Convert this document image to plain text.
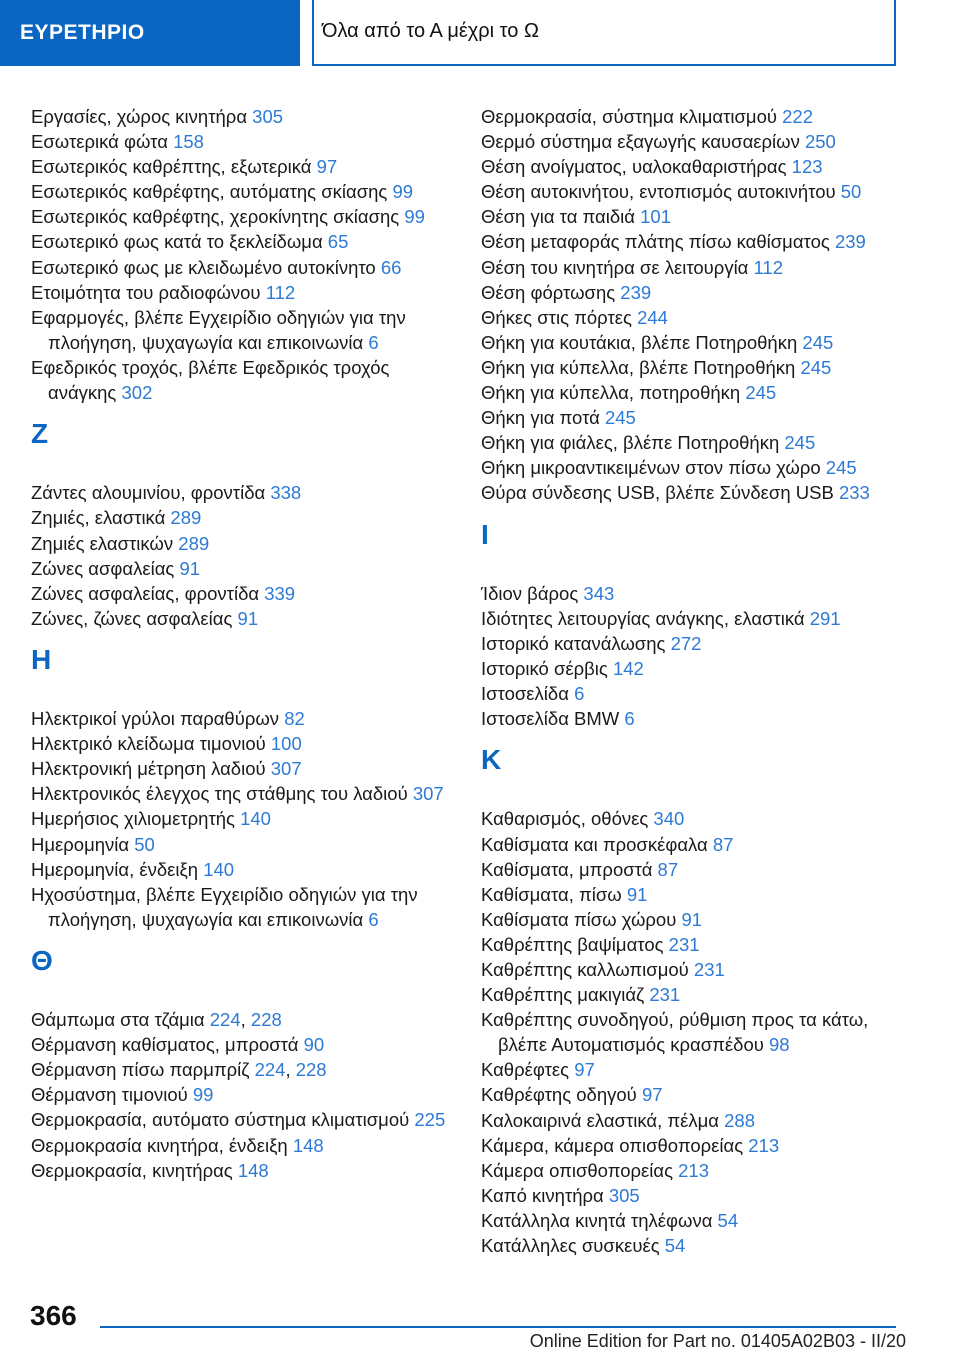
ΕΥΡΕΤΗΡΙΟ	Όλα από το Α μέχρι το Ω
Εργασίες, χώρος κινητήρα 305
Εσωτερικά φώτα 158
Εσωτερικός καθρέπτης, εξωτερικά 97
Εσωτερικός καθρέφτης, αυτόματης σκίασης 99
Εσωτερικός καθρέφτης, χεροκίνητης σκίασης 99
Εσωτερικό φως κατά το ξεκλείδωμα 65
Εσωτερικό φως με κλειδωμένο αυτοκίνητο 66
Ετοιμότητα του ραδιοφώνου 112
Εφαρμογές, βλέπε Εγχειρίδιο οδηγιών για την πλοήγηση, ψυχαγωγία και επικοινωνία 6
Εφεδρικός τροχός, βλέπε Εφεδρικός τροχός ανάγκης 302
Z
Ζάντες αλουμινίου, φροντίδα 338
Ζημιές, ελαστικά 289
Ζημιές ελαστικών 289
Ζώνες ασφαλείας 91
Ζώνες ασφαλείας, φροντίδα 339
Ζώνες, ζώνες ασφαλείας 91
H
Ηλεκτρικοί γρύλοι παραθύρων 82
Ηλεκτρικό κλείδωμα τιμονιού 100
Ηλεκτρονική μέτρηση λαδιού 307
Ηλεκτρονικός έλεγχος της στάθμης του λαδιού 307
Ημερήσιος χιλιομετρητής 140
Ημερομηνία 50
Ημερομηνία, ένδειξη 140
Ηχοσύστημα, βλέπε Εγχειρίδιο οδηγιών για την πλοήγηση, ψυχαγωγία και επικοινωνία 6
Θ
Θάμπωμα στα τζάμια 224, 228
Θέρμανση καθίσματος, μπροστά 90
Θέρμανση πίσω παρμπρίζ 224, 228
Θέρμανση τιμονιού 99
Θερμοκρασία, αυτόματο σύστημα κλιματισμού 225
Θερμοκρασία κινητήρα, ένδειξη 148
Θερμοκρασία, κινητήρας 148
Θερμοκρασία, σύστημα κλιματισμού 222
Θερμό σύστημα εξαγωγής καυσαερίων 250
Θέση ανοίγματος, υαλοκαθαριστήρας 123
Θέση αυτοκινήτου, εντοπισμός αυτοκινήτου 50
Θέση για τα παιδιά 101
Θέση μεταφοράς πλάτης πίσω καθίσματος 239
Θέση του κινητήρα σε λειτουργία 112
Θέση φόρτωσης 239
Θήκες στις πόρτες 244
Θήκη για κουτάκια, βλέπε Ποτηροθήκη 245
Θήκη για κύπελλα, βλέπε Ποτηροθήκη 245
Θήκη για κύπελλα, ποτηροθήκη 245
Θήκη για ποτά 245
Θήκη για φιάλες, βλέπε Ποτηροθήκη 245
Θήκη μικροαντικειμένων στον πίσω χώρο 245
Θύρα σύνδεσης USB, βλέπε Σύνδεση USB 233
I
Ίδιον βάρος 343
Ιδιότητες λειτουργίας ανάγκης, ελαστικά 291
Ιστορικό κατανάλωσης 272
Ιστορικό σέρβις 142
Ιστοσελίδα 6
Ιστοσελίδα BMW 6
K
Καθαρισμός, οθόνες 340
Καθίσματα και προσκέφαλα 87
Καθίσματα, μπροστά 87
Καθίσματα, πίσω 91
Καθίσματα πίσω χώρου 91
Καθρέπτης βαψίματος 231
Καθρέπτης καλλωπισμού 231
Καθρέπτης μακιγιάζ 231
Καθρέπτης συνοδηγού, ρύθμιση προς τα κάτω, βλέπε Αυτοματισμός κρασπέδου 98
Καθρέφτες 97
Καθρέφτης οδηγού 97
Καλοκαιρινά ελαστικά, πέλμα 288
Κάμερα, κάμερα οπισθοπορείας 213
Κάμερα οπισθοπορείας 213
Καπό κινητήρα 305
Κατάλληλα κινητά τηλέφωνα 54
Κατάλληλες συσκευές 54
366
Online Edition for Part no. 01405A02B03 - II/20
